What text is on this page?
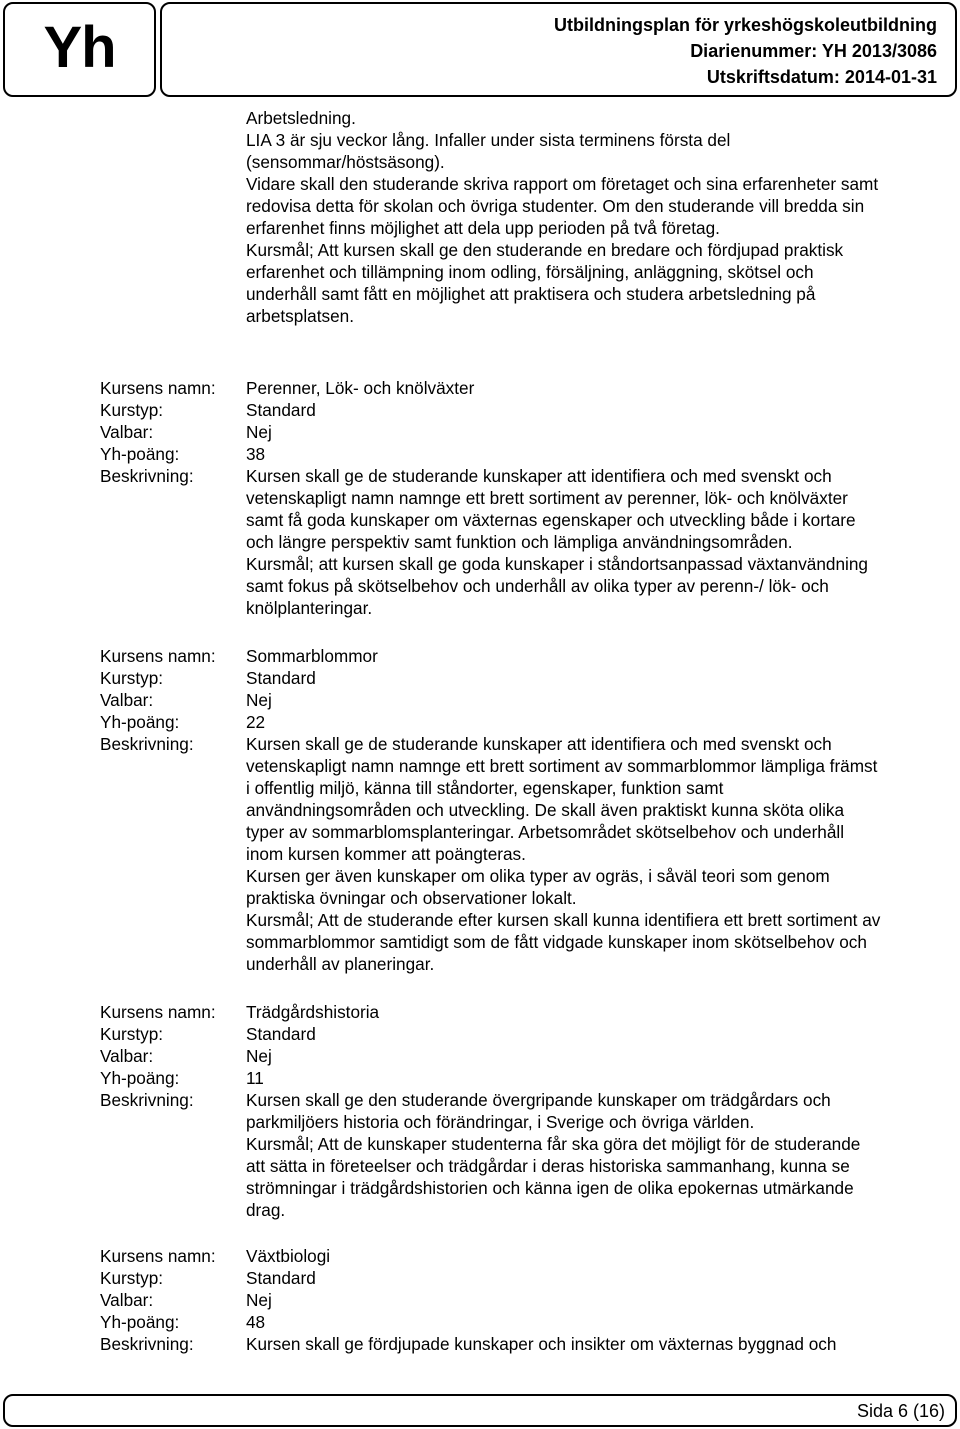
Yh	Utbildningsplan för yrkeshögskoleutbildning
Diarienummer: YH 2013/3086
Utskriftsdatum: 2014-01-31
Arbetsledning.
LIA 3 är sju veckor lång. Infaller under sista terminens första del
(sensommar/höstsäsong).
Vidare skall den studerande skriva rapport om företaget och sina erfarenheter samt
redovisa detta för skolan och övriga studenter. Om den studerande vill bredda sin
erfarenhet finns möjlighet att dela upp perioden på två företag.
Kursmål; Att kursen skall ge den studerande en bredare och fördjupad praktisk
erfarenhet och tillämpning inom odling, försäljning, anläggning, skötsel och
underhåll samt fått en möjlighet att praktisera och studera arbetsledning på
arbetsplatsen.
Kursens namn:	Perenner, Lök- och knölväxter
Kurstyp:	Standard
Valbar:	Nej
Yh-poäng:	38
Beskrivning:	Kursen skall ge de studerande kunskaper att identifiera och med svenskt och
vetenskapligt namn namnge ett brett sortiment av perenner, lök- och knölväxter
samt få goda kunskaper om växternas egenskaper och utveckling både i kortare
och längre perspektiv samt funktion och lämpliga användningsområden.
Kursmål; att kursen skall ge goda kunskaper i ståndortsanpassad växtanvändning
samt fokus på skötselbehov och underhåll av olika typer av perenn-/ lök- och
knölplanteringar.
Kursens namn:	Sommarblommor
Kurstyp:	Standard
Valbar:	Nej
Yh-poäng:	22
Beskrivning:	Kursen skall ge de studerande kunskaper att identifiera och med svenskt och
vetenskapligt namn namnge ett brett sortiment av sommarblommor lämpliga främst
i offentlig miljö, känna till ståndorter, egenskaper, funktion samt
användningsområden och utveckling. De skall även praktiskt kunna sköta olika
typer av sommarblomsplanteringar. Arbetsområdet skötselbehov och underhåll
inom kursen kommer att poängteras.
Kursen ger även kunskaper om olika typer av ogräs, i såväl teori som genom
praktiska övningar och observationer lokalt.
Kursmål; Att de studerande efter kursen skall kunna identifiera ett brett sortiment av
sommarblommor samtidigt som de fått vidgade kunskaper inom skötselbehov och
underhåll av planeringar.
Kursens namn:	Trädgårdshistoria
Kurstyp:	Standard
Valbar:	Nej
Yh-poäng:	11
Beskrivning:	Kursen skall ge den studerande övergripande kunskaper om trädgårdars och
parkmiljöers historia och förändringar, i Sverige och övriga världen.
Kursmål; Att de kunskaper studenterna får ska göra det möjligt för de studerande
att sätta in företeelser och trädgårdar i deras historiska sammanhang, kunna se
strömningar i trädgårdshistorien och känna igen de olika epokernas utmärkande
drag.
Kursens namn:	Växtbiologi
Kurstyp:	Standard
Valbar:	Nej
Yh-poäng:	48
Beskrivning:	Kursen skall ge fördjupade kunskaper och insikter om växternas byggnad och
Sida 6 (16)
